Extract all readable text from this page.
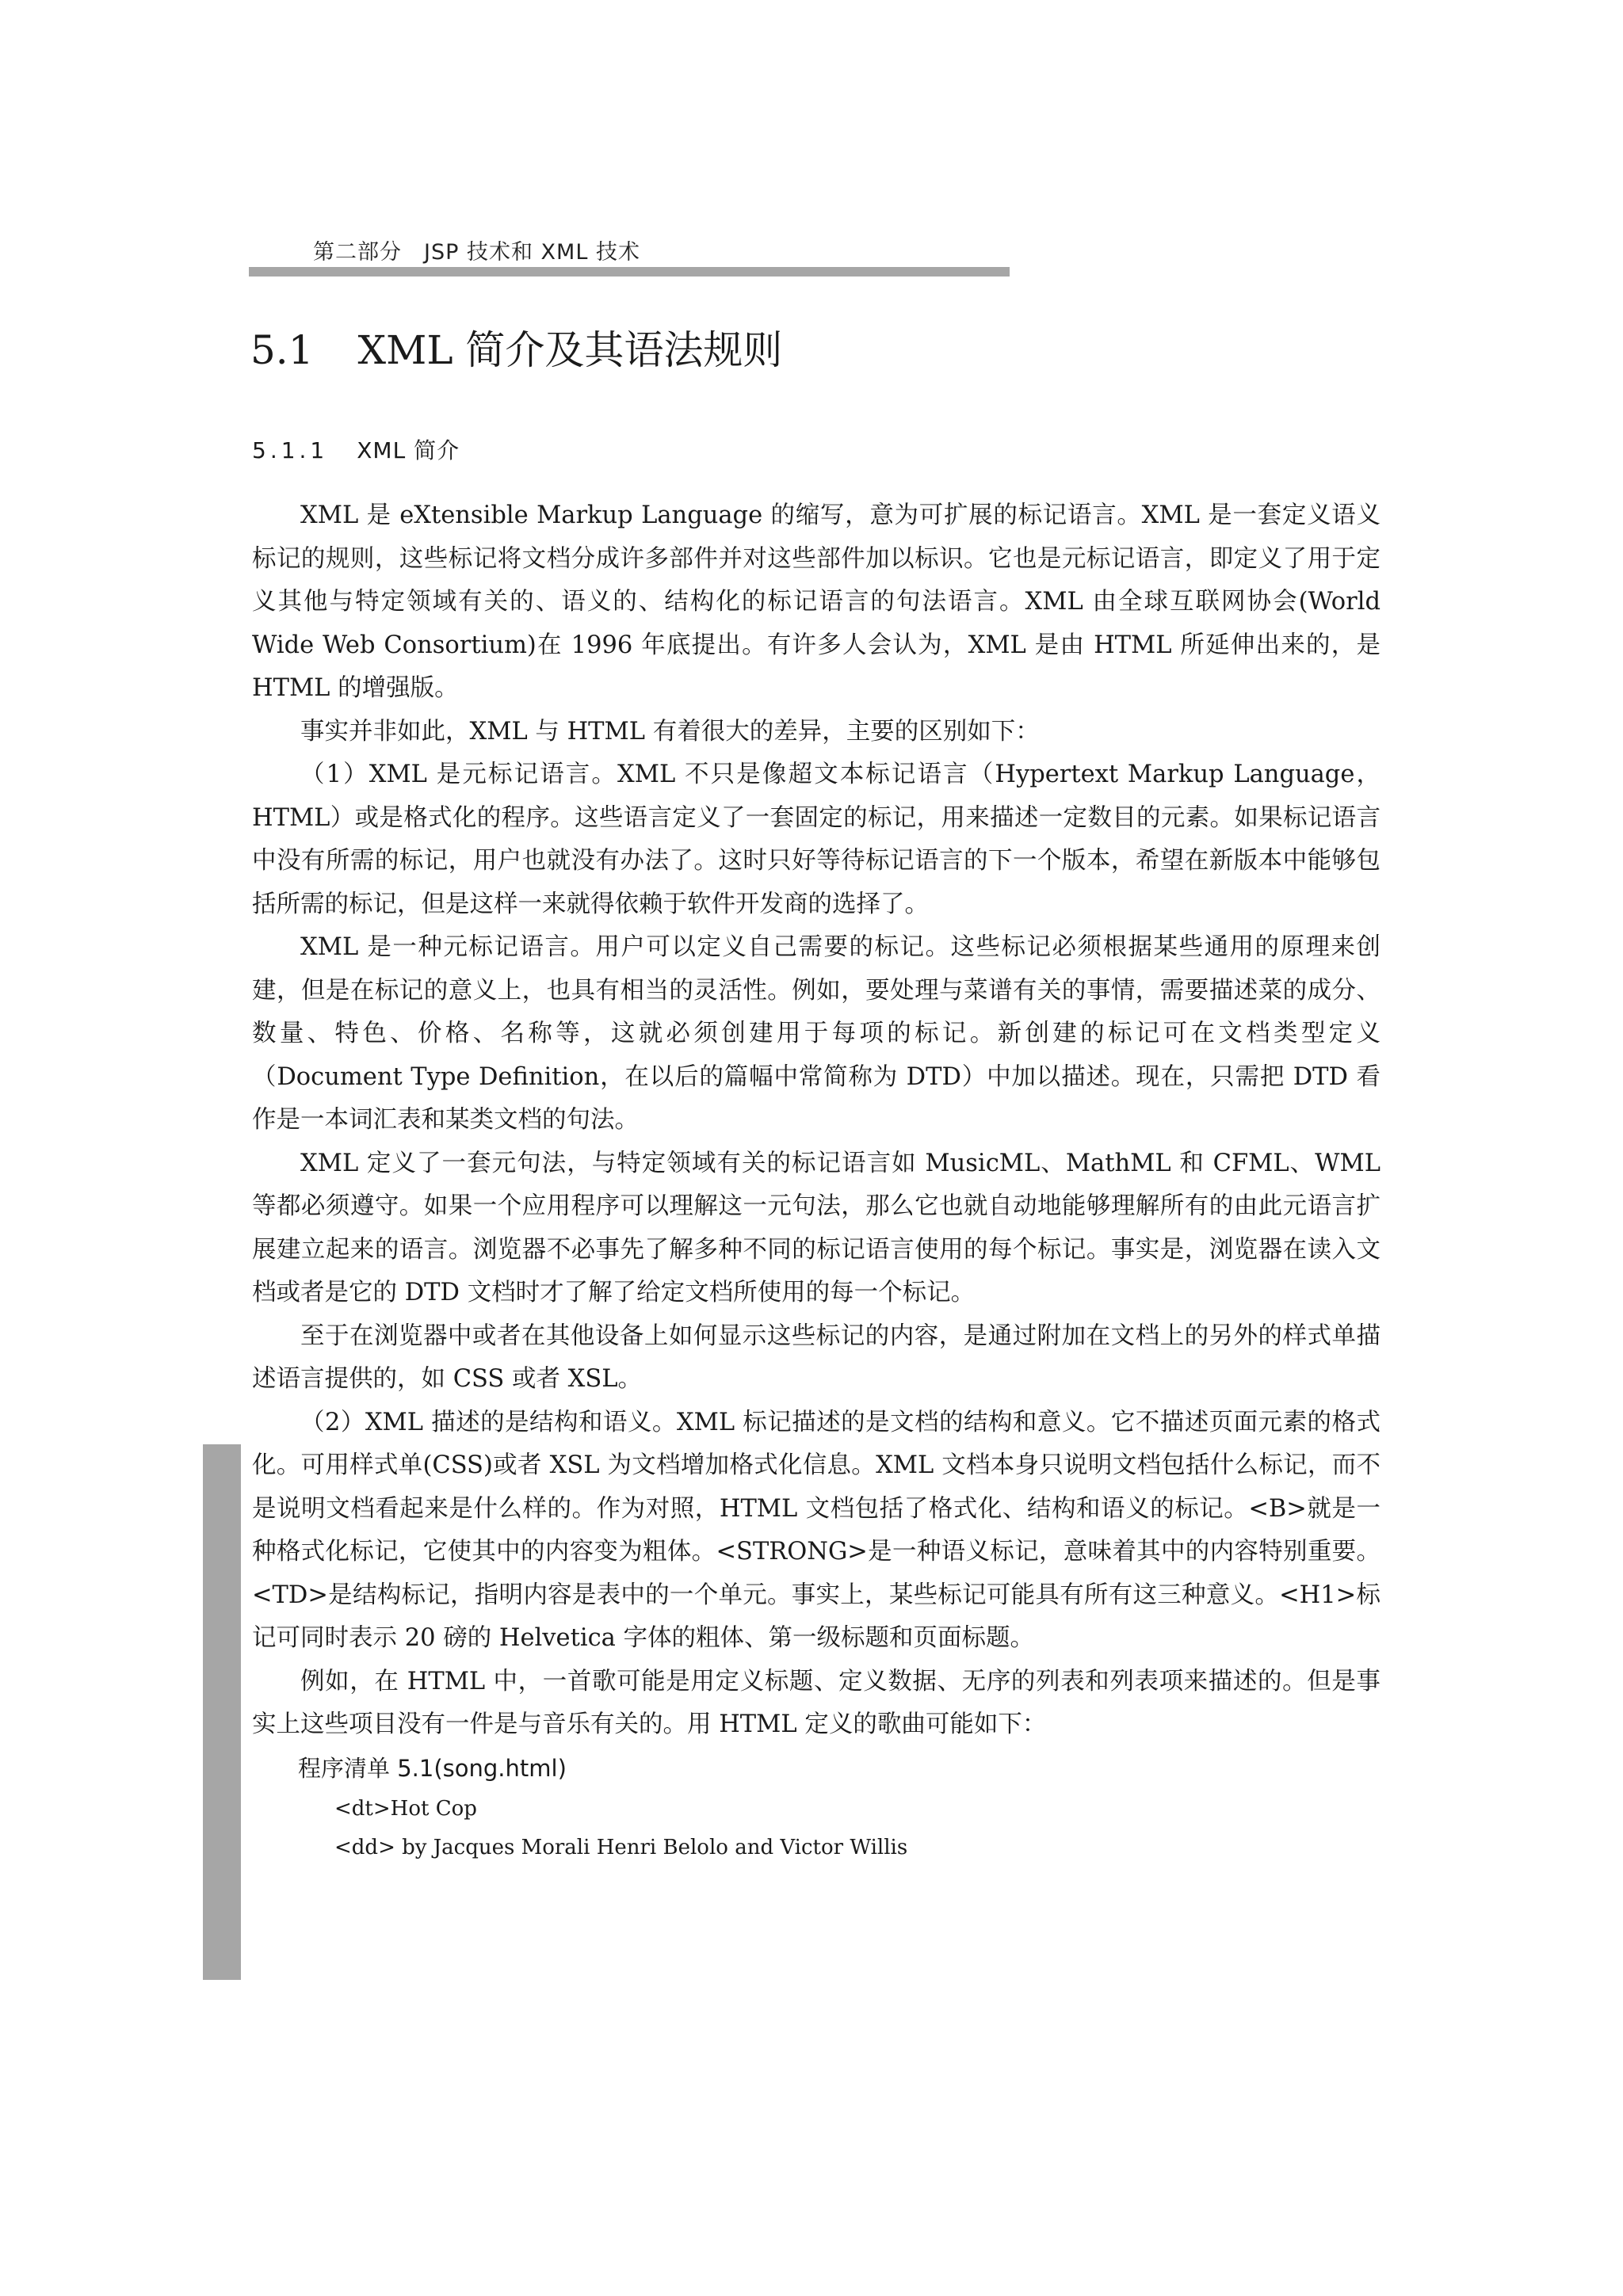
第二部分　JSP 技术和 XML 技术
5.1 XML 简介及其语法规则
5.1.1 XML 简介

XML 是 eXtensible Markup Language 的缩写，意为可扩展的标记语言。XML 是一套定义语义标记的规则，这些标记将文档分成许多部件并对这些部件加以标识。它也是元标记语言，即定义了用于定义其他与特定领域有关的、语义的、结构化的标记语言的句法语言。XML 由全球互联网协会(World Wide Web Consortium)在 1996 年底提出。有许多人会认为，XML 是由 HTML 所延伸出来的，是 HTML 的增强版。

事实并非如此，XML 与 HTML 有着很大的差异，主要的区别如下：

（1）XML 是元标记语言。XML 不只是像超文本标记语言（Hypertext Markup Language，HTML）或是格式化的程序。这些语言定义了一套固定的标记，用来描述一定数目的元素。如果标记语言中没有所需的标记，用户也就没有办法了。这时只好等待标记语言的下一个版本，希望在新版本中能够包括所需的标记，但是这样一来就得依赖于软件开发商的选择了。

XML 是一种元标记语言。用户可以定义自己需要的标记。这些标记必须根据某些通用的原理来创建，但是在标记的意义上，也具有相当的灵活性。例如，要处理与菜谱有关的事情，需要描述菜的成分、数量、特色、价格、名称等，这就必须创建用于每项的标记。新创建的标记可在文档类型定义（Document Type Definition，在以后的篇幅中常简称为 DTD）中加以描述。现在，只需把 DTD 看作是一本词汇表和某类文档的句法。

XML 定义了一套元句法，与特定领域有关的标记语言如 MusicML、MathML 和 CFML、WML 等都必须遵守。如果一个应用程序可以理解这一元句法，那么它也就自动地能够理解所有的由此元语言扩展建立起来的语言。浏览器不必事先了解多种不同的标记语言使用的每个标记。事实是，浏览器在读入文档或者是它的 DTD 文档时才了解了给定文档所使用的每一个标记。

至于在浏览器中或者在其他设备上如何显示这些标记的内容，是通过附加在文档上的另外的样式单描述语言提供的，如 CSS 或者 XSL。

（2）XML 描述的是结构和语义。XML 标记描述的是文档的结构和意义。它不描述页面元素的格式化。可用样式单(CSS)或者 XSL 为文档增加格式化信息。XML 文档本身只说明文档包括什么标记，而不是说明文档看起来是什么样的。作为对照，HTML 文档包括了格式化、结构和语义的标记。<B>就是一种格式化标记，它使其中的内容变为粗体。<STRONG>是一种语义标记，意味着其中的内容特别重要。<TD>是结构标记，指明内容是表中的一个单元。事实上，某些标记可能具有所有这三种意义。<H1>标记可同时表示 20 磅的 Helvetica 字体的粗体、第一级标题和页面标题。

例如，在 HTML 中，一首歌可能是用定义标题、定义数据、无序的列表和列表项来描述的。但是事实上这些项目没有一件是与音乐有关的。用 HTML 定义的歌曲可能如下：

程序清单 5.1(song.html)

<dt>Hot Cop

<dd> by Jacques Morali Henri Belolo and Victor Willis
